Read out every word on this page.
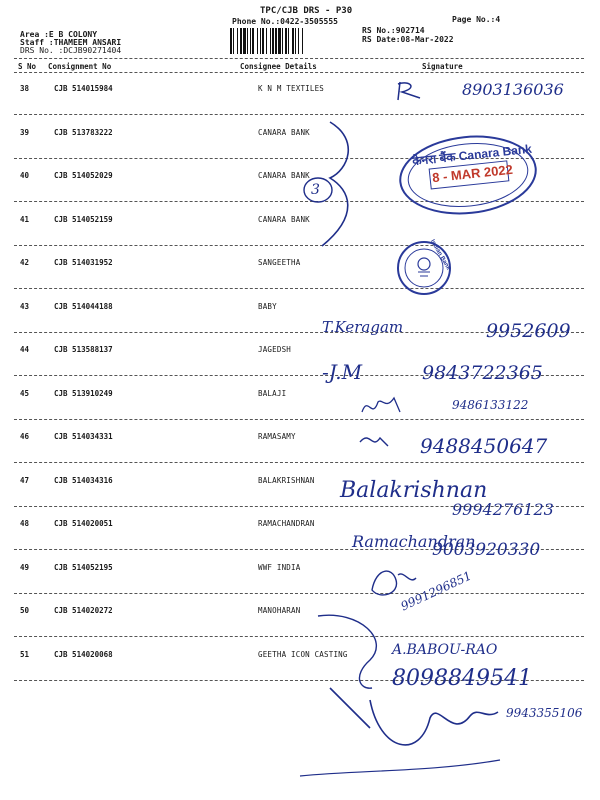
TPC/CJB DRS - P30
Phone No.:0422-3505555	Page No.:4
Area :E B COLONY
Staff :THAMEEM ANSARI
DRS No. :DCJB90271404
RS No.:902714
RS Date:08-Mar-2022
S No Consignment No	Consignee Details	Signature
38	CJB 514015984	K N M TEXTILES
39	CJB 513783222	CANARA BANK
40	CJB 514052029	CANARA BANK
41	CJB 514052159	CANARA BANK
42	CJB 514031952	SANGEETHA
43	CJB 514044188	BABY
44	CJB 513588137	JAGEDSH
45	CJB 513910249	BALAJI
46	CJB 514034331	RAMASAMY
47	CJB 514034316	BALAKRISHNAN
48	CJB 514020051	RAMACHANDRAN
49	CJB 514052195	WWF INDIA
50	CJB 514020272	MANOHARAN
51	CJB 514020068	GEETHA ICON CASTING
केनरा बैंक Canara Bank
8 - MAR 2022
Indian Bank
3
8903136036
T.Keragam	9952609
-J.M	9843722365
9486133122
9488450647
Balakrishnan
9994276123
Ramachandran
9003920330
9991296851
A.BABOU-RAO
8098849541
9943355106
